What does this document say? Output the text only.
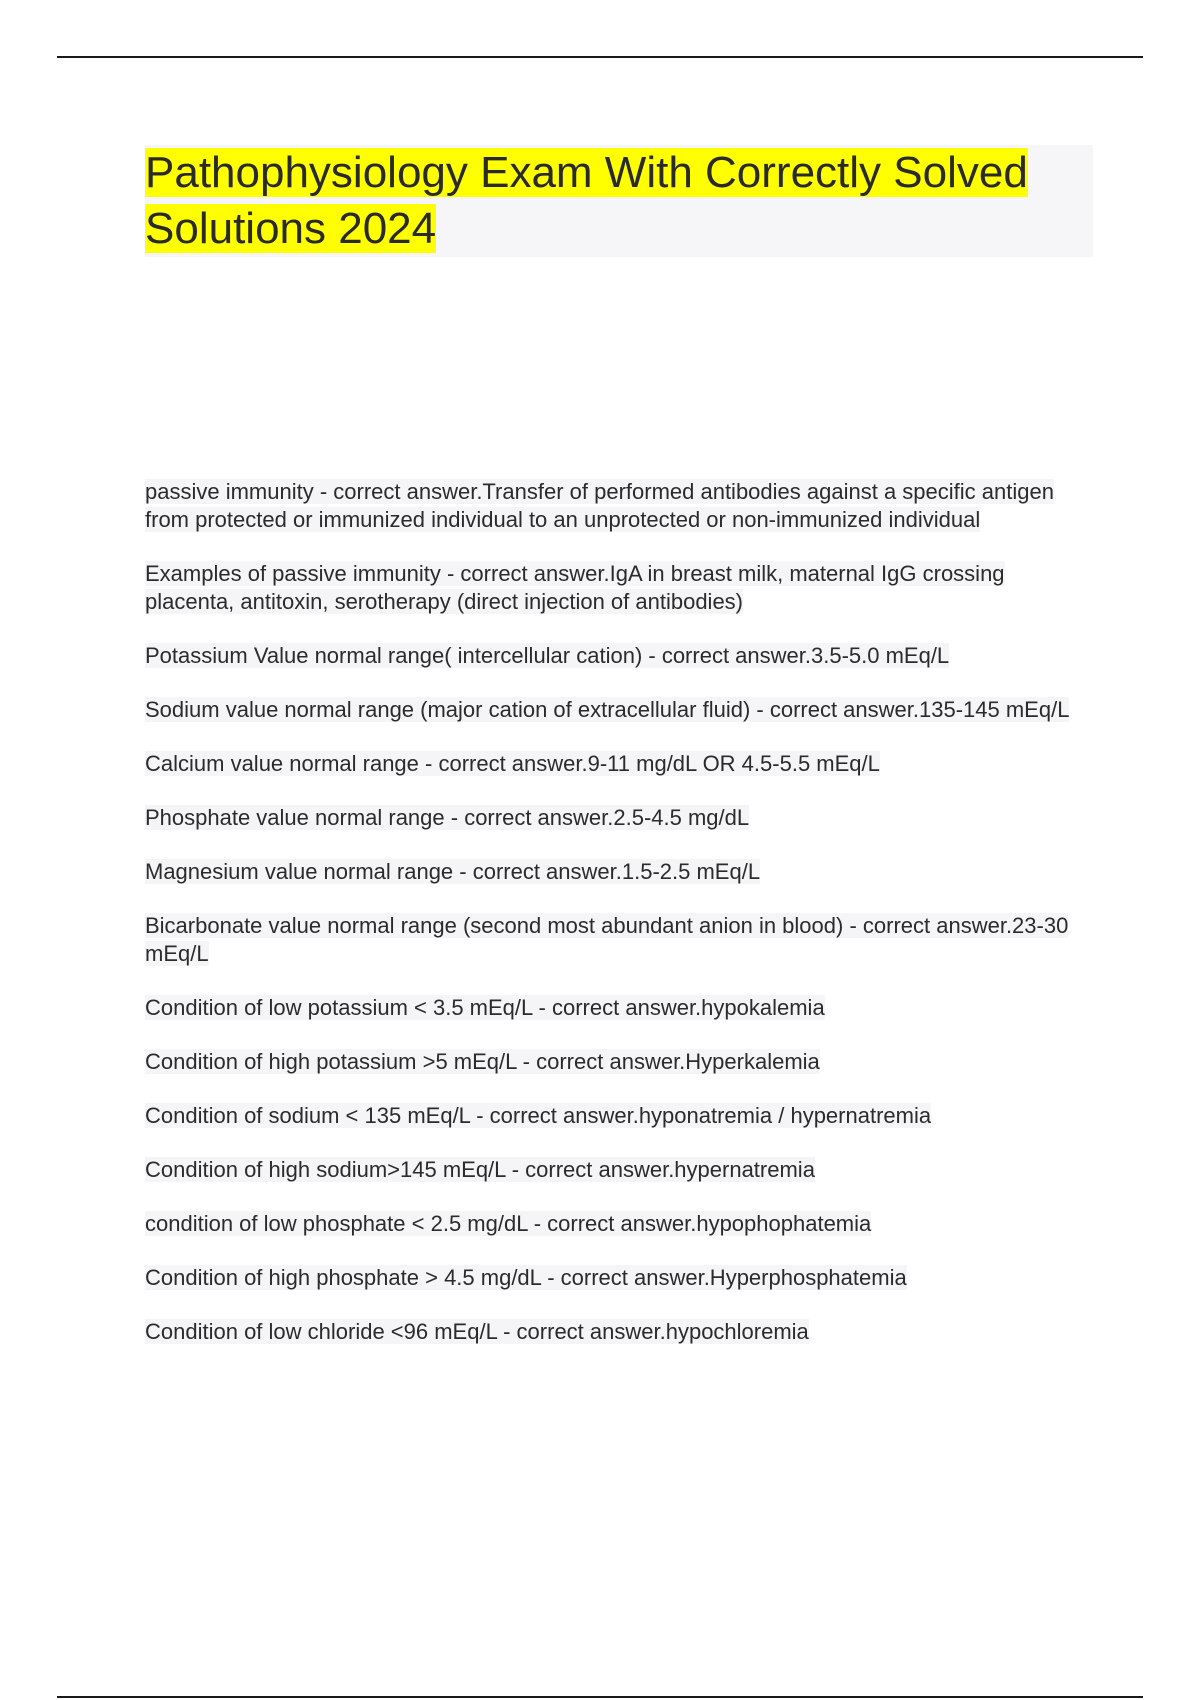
Pathophysiology Exam With Correctly Solved Solutions 2024
passive immunity - correct answer.Transfer of performed antibodies against a specific antigen from protected or immunized individual to an unprotected or non-immunized individual
Examples of passive immunity - correct answer.IgA in breast milk, maternal IgG crossing placenta, antitoxin, serotherapy (direct injection of antibodies)
Potassium Value normal range( intercellular cation) - correct answer.3.5-5.0 mEq/L
Sodium value normal range (major cation of extracellular fluid) - correct answer.135-145 mEq/L
Calcium value normal range - correct answer.9-11 mg/dL OR 4.5-5.5 mEq/L
Phosphate value normal range - correct answer.2.5-4.5 mg/dL
Magnesium value normal range - correct answer.1.5-2.5 mEq/L
Bicarbonate value normal range (second most abundant anion in blood) - correct answer.23-30 mEq/L
Condition of low potassium < 3.5 mEq/L - correct answer.hypokalemia
Condition of high potassium >5 mEq/L - correct answer.Hyperkalemia
Condition of sodium < 135 mEq/L - correct answer.hyponatremia / hypernatremia
Condition of high sodium>145 mEq/L - correct answer.hypernatremia
condition of low phosphate < 2.5 mg/dL - correct answer.hypophophatemia
Condition of high phosphate > 4.5 mg/dL - correct answer.Hyperphosphatemia
Condition of low chloride <96 mEq/L - correct answer.hypochloremia
